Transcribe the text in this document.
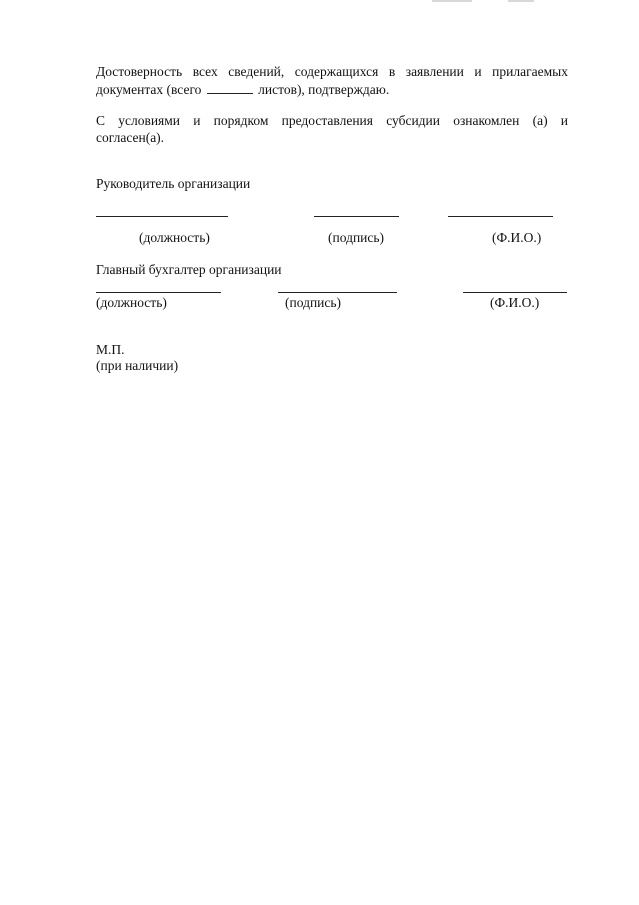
Достоверность всех сведений, содержащихся в заявлении и прилагаемых
документах (всего	листов), подтверждаю.
С условиями и порядком предоставления субсидии ознакомлен (а) и
согласен(а).
Руководитель организации
(должность)	(подпись)	(Ф.И.О.)
Главный бухгалтер организации
(должность)	(подпись)	(Ф.И.О.)
М.П.
(при наличии)
